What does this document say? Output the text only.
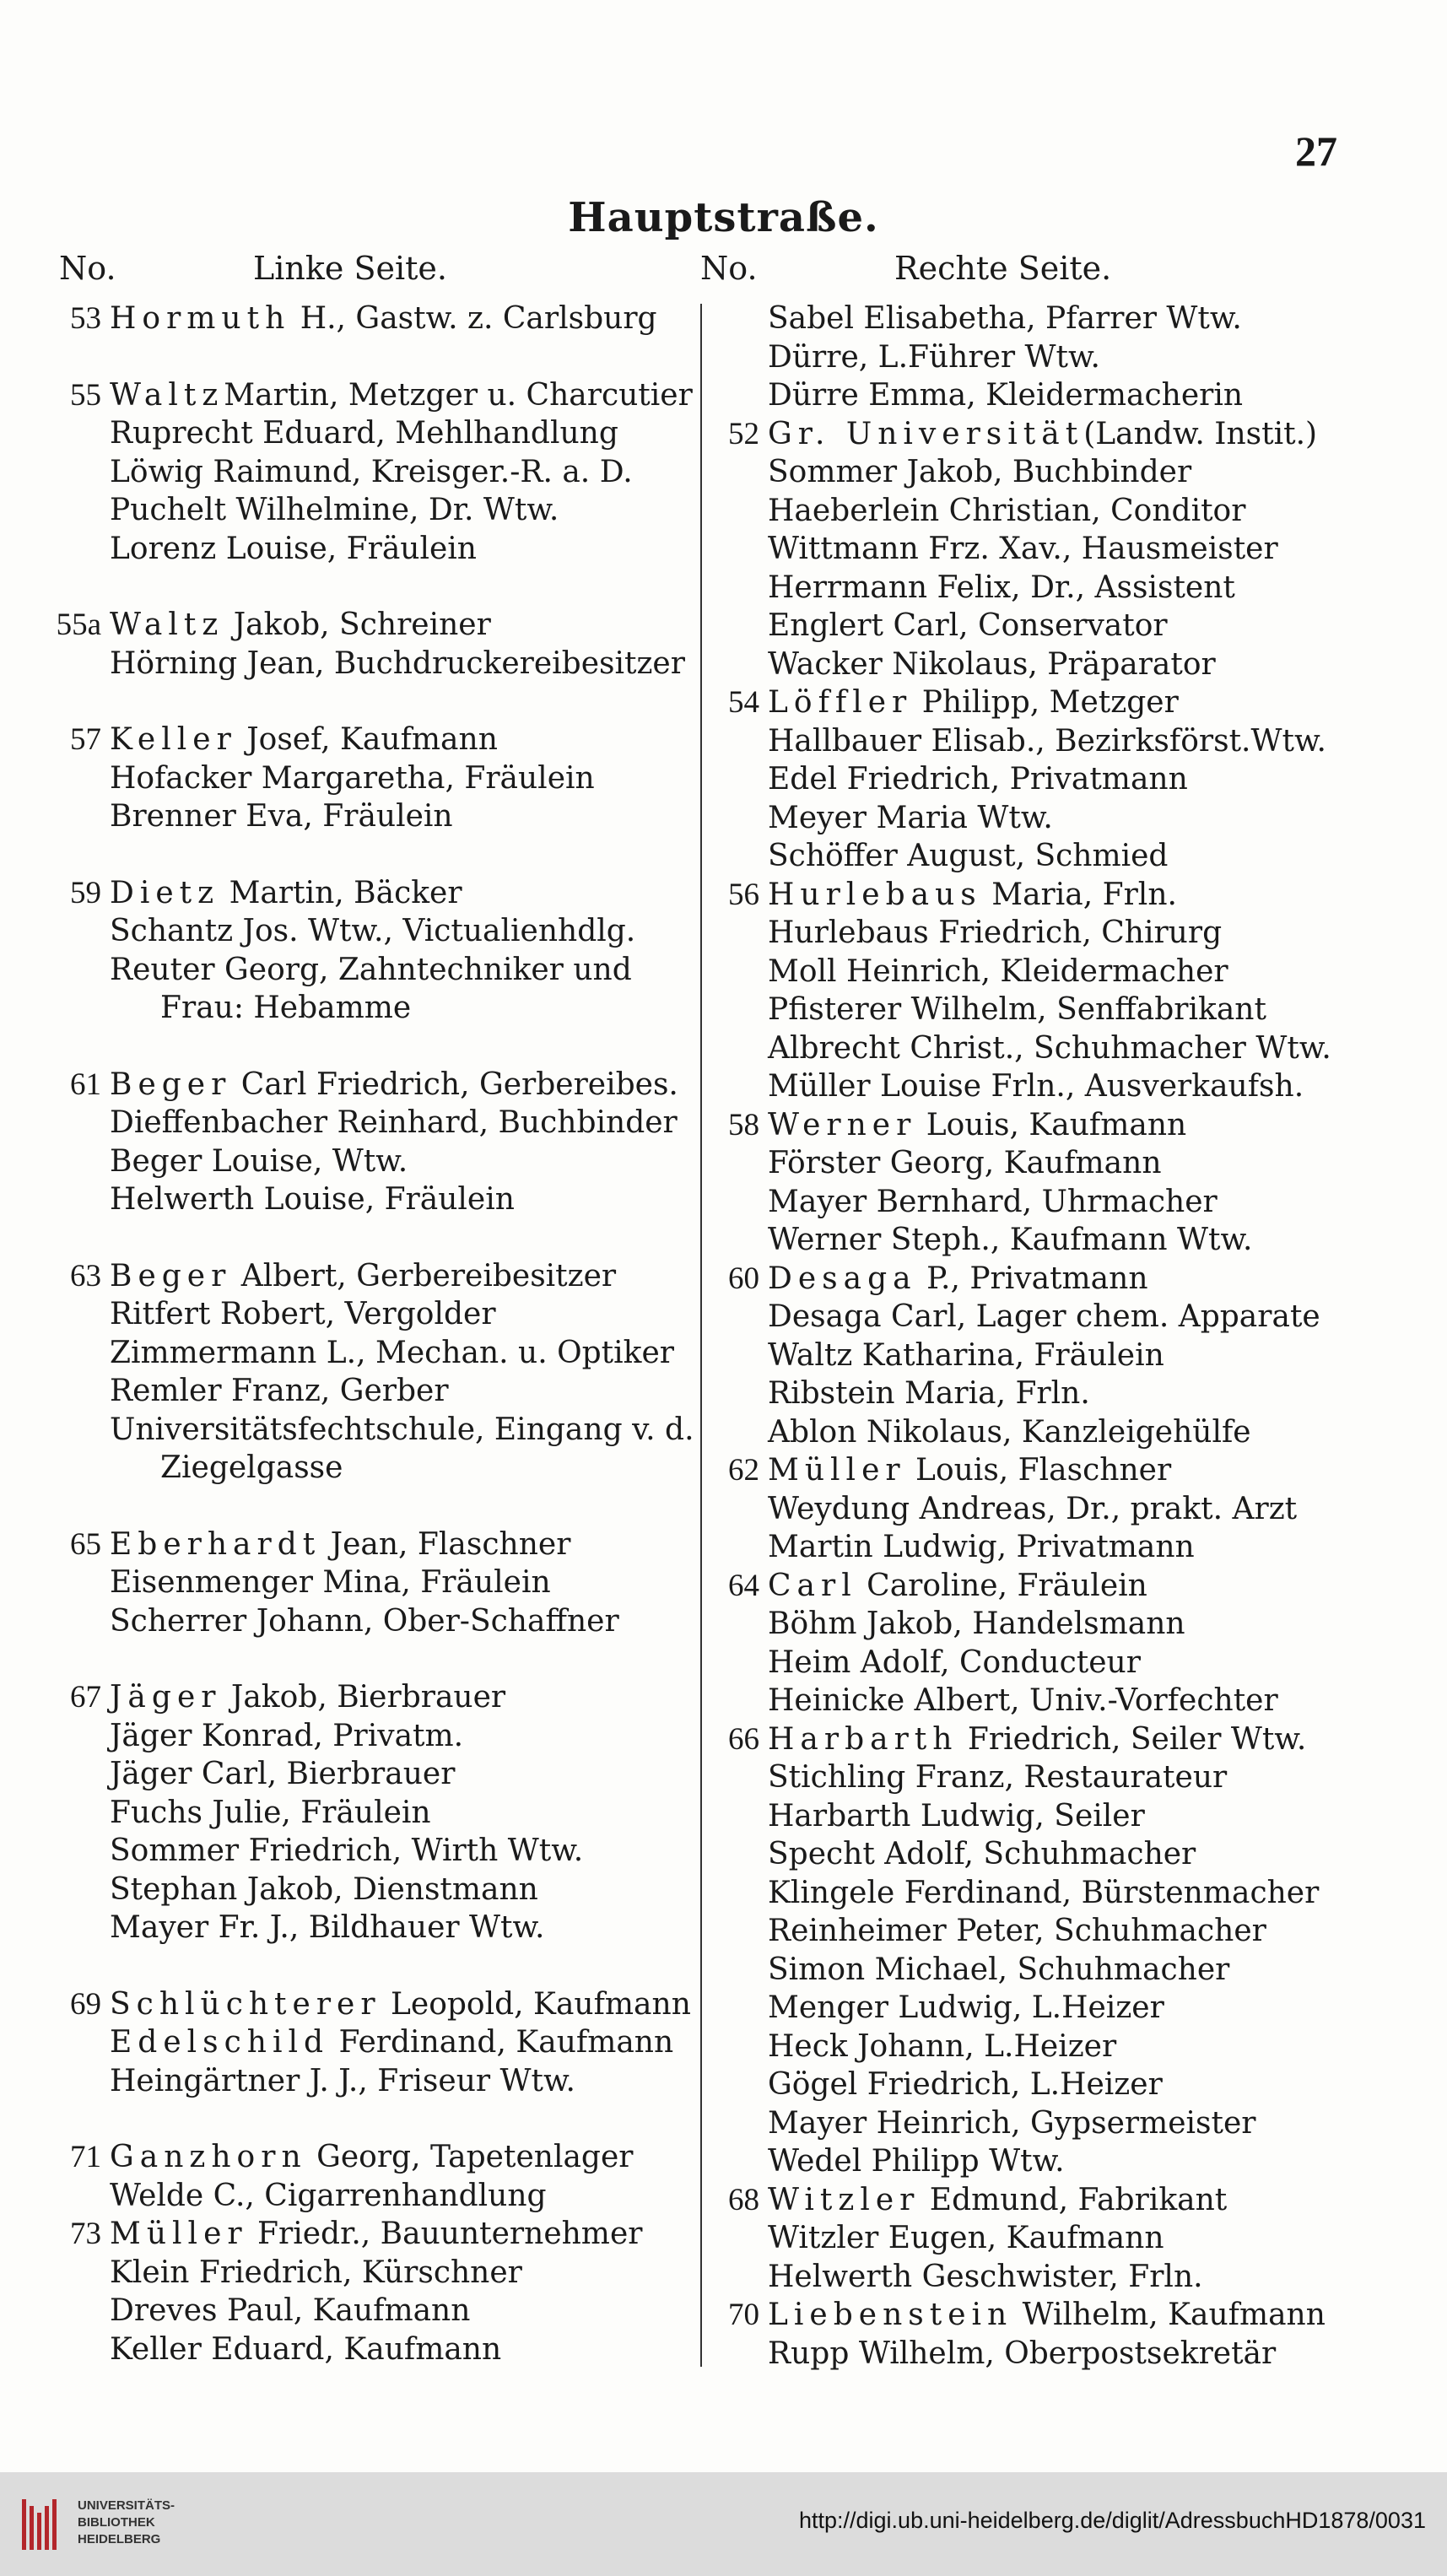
27
Hauptstraße.
No.	Linke Seite.	No.	Rechte Seite.
53 Hormuth H., Gastw. z. Carlsburg
55 WaltzMartin, Metzger u. Charcutier
Ruprecht Eduard, Mehlhandlung
Löwig Raimund, Kreisger.-R. a. D.
Puchelt Wilhelmine, Dr. Wtw.
Lorenz Louise, Fräulein
55a Waltz Jakob, Schreiner
Hörning Jean, Buchdruckereibesitzer
57 Keller Josef, Kaufmann
Hofacker Margaretha, Fräulein
Brenner Eva, Fräulein
59 Dietz Martin, Bäcker
Schantz Jos. Wtw., Victualienhdlg.
Reuter Georg, Zahntechniker und
Frau: Hebamme
61 Beger Carl Friedrich, Gerbereibes.
Dieffenbacher Reinhard, Buchbinder
Beger Louise, Wtw.
Helwerth Louise, Fräulein
63 Beger Albert, Gerbereibesitzer
Ritfert Robert, Vergolder
Zimmermann L., Mechan. u. Optiker
Remler Franz, Gerber
Universitätsfechtschule, Eingang v. d.
Ziegelgasse
65 Eberhardt Jean, Flaschner
Eisenmenger Mina, Fräulein
Scherrer Johann, Ober-Schaffner
67 Jäger Jakob, Bierbrauer
Jäger Konrad, Privatm.
Jäger Carl, Bierbrauer
Fuchs Julie, Fräulein
Sommer Friedrich, Wirth Wtw.
Stephan Jakob, Dienstmann
Mayer Fr. J., Bildhauer Wtw.
69 Schlüchterer Leopold, Kaufmann
Edelschild Ferdinand, Kaufmann
Heingärtner J. J., Friseur Wtw.
71 Ganzhorn Georg, Tapetenlager
Welde C., Cigarrenhandlung
73 Müller Friedr., Bauunternehmer
Klein Friedrich, Kürschner
Dreves Paul, Kaufmann
Keller Eduard, Kaufmann
Sabel Elisabetha, Pfarrer Wtw.
Dürre, L.Führer Wtw.
Dürre Emma, Kleidermacherin
52 Gr. Universität(Landw. Instit.)
Sommer Jakob, Buchbinder
Haeberlein Christian, Conditor
Wittmann Frz. Xav., Hausmeister
Herrmann Felix, Dr., Assistent
Englert Carl, Conservator
Wacker Nikolaus, Präparator
54 Löffler Philipp, Metzger
Hallbauer Elisab., Bezirksförst.Wtw.
Edel Friedrich, Privatmann
Meyer Maria Wtw.
Schöffer August, Schmied
56 Hurlebaus Maria, Frln.
Hurlebaus Friedrich, Chirurg
Moll Heinrich, Kleidermacher
Pfisterer Wilhelm, Senffabrikant
Albrecht Christ., Schuhmacher Wtw.
Müller Louise Frln., Ausverkaufsh.
58 Werner Louis, Kaufmann
Förster Georg, Kaufmann
Mayer Bernhard, Uhrmacher
Werner Steph., Kaufmann Wtw.
60 Desaga P., Privatmann
Desaga Carl, Lager chem. Apparate
Waltz Katharina, Fräulein
Ribstein Maria, Frln.
Ablon Nikolaus, Kanzleigehülfe
62 Müller Louis, Flaschner
Weydung Andreas, Dr., prakt. Arzt
Martin Ludwig, Privatmann
64 Carl Caroline, Fräulein
Böhm Jakob, Handelsmann
Heim Adolf, Conducteur
Heinicke Albert, Univ.-Vorfechter
66 Harbarth Friedrich, Seiler Wtw.
Stichling Franz, Restaurateur
Harbarth Ludwig, Seiler
Specht Adolf, Schuhmacher
Klingele Ferdinand, Bürstenmacher
Reinheimer Peter, Schuhmacher
Simon Michael, Schuhmacher
Menger Ludwig, L.Heizer
Heck Johann, L.Heizer
Gögel Friedrich, L.Heizer
Mayer Heinrich, Gypsermeister
Wedel Philipp Wtw.
68 Witzler Edmund, Fabrikant
Witzler Eugen, Kaufmann
Helwerth Geschwister, Frln.
70 Liebenstein Wilhelm, Kaufmann
Rupp Wilhelm, Oberpostsekretär
UNIVERSITÄTS-
BIBLIOTHEK
HEIDELBERG
http://digi.ub.uni-heidelberg.de/diglit/AdressbuchHD1878/0031
